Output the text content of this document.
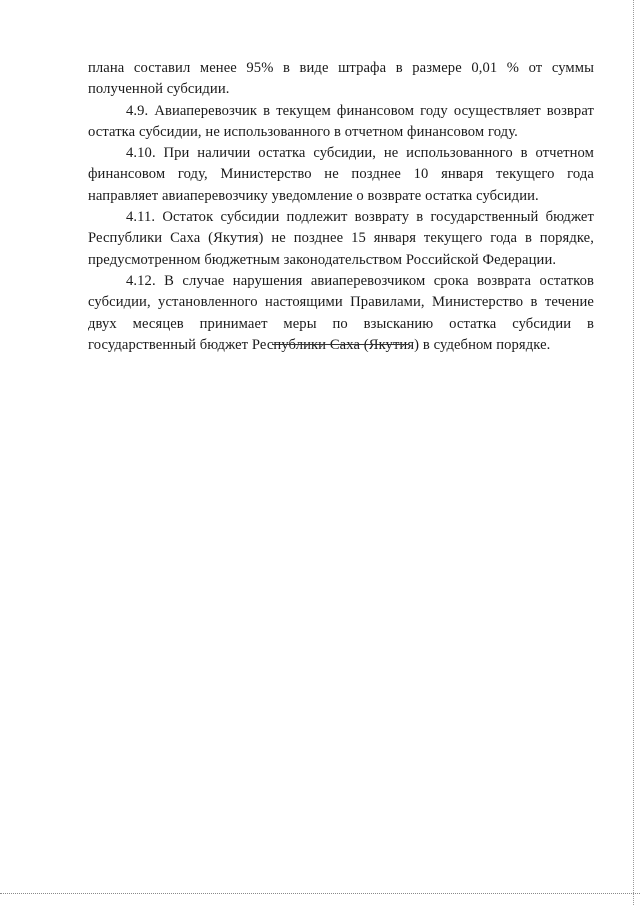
плана составил менее 95% в виде штрафа в размере 0,01 % от суммы полученной субсидии.

4.9. Авиаперевозчик в текущем финансовом году осуществляет возврат остатка субсидии, не использованного в отчетном финансовом году.

4.10. При наличии остатка субсидии, не использованного в отчетном финансовом году, Министерство не позднее 10 января текущего года направляет авиаперевозчику уведомление о возврате остатка субсидии.

4.11. Остаток субсидии подлежит возврату в государственный бюджет Республики Саха (Якутия) не позднее 15 января текущего года в порядке, предусмотренном бюджетным законодательством Российской Федерации.

4.12. В случае нарушения авиаперевозчиком срока возврата остатков субсидии, установленного настоящими Правилами, Министерство в течение двух месяцев принимает меры по взысканию остатка субсидии в государственный бюджет Республики Саха (Якутия) в судебном порядке.
